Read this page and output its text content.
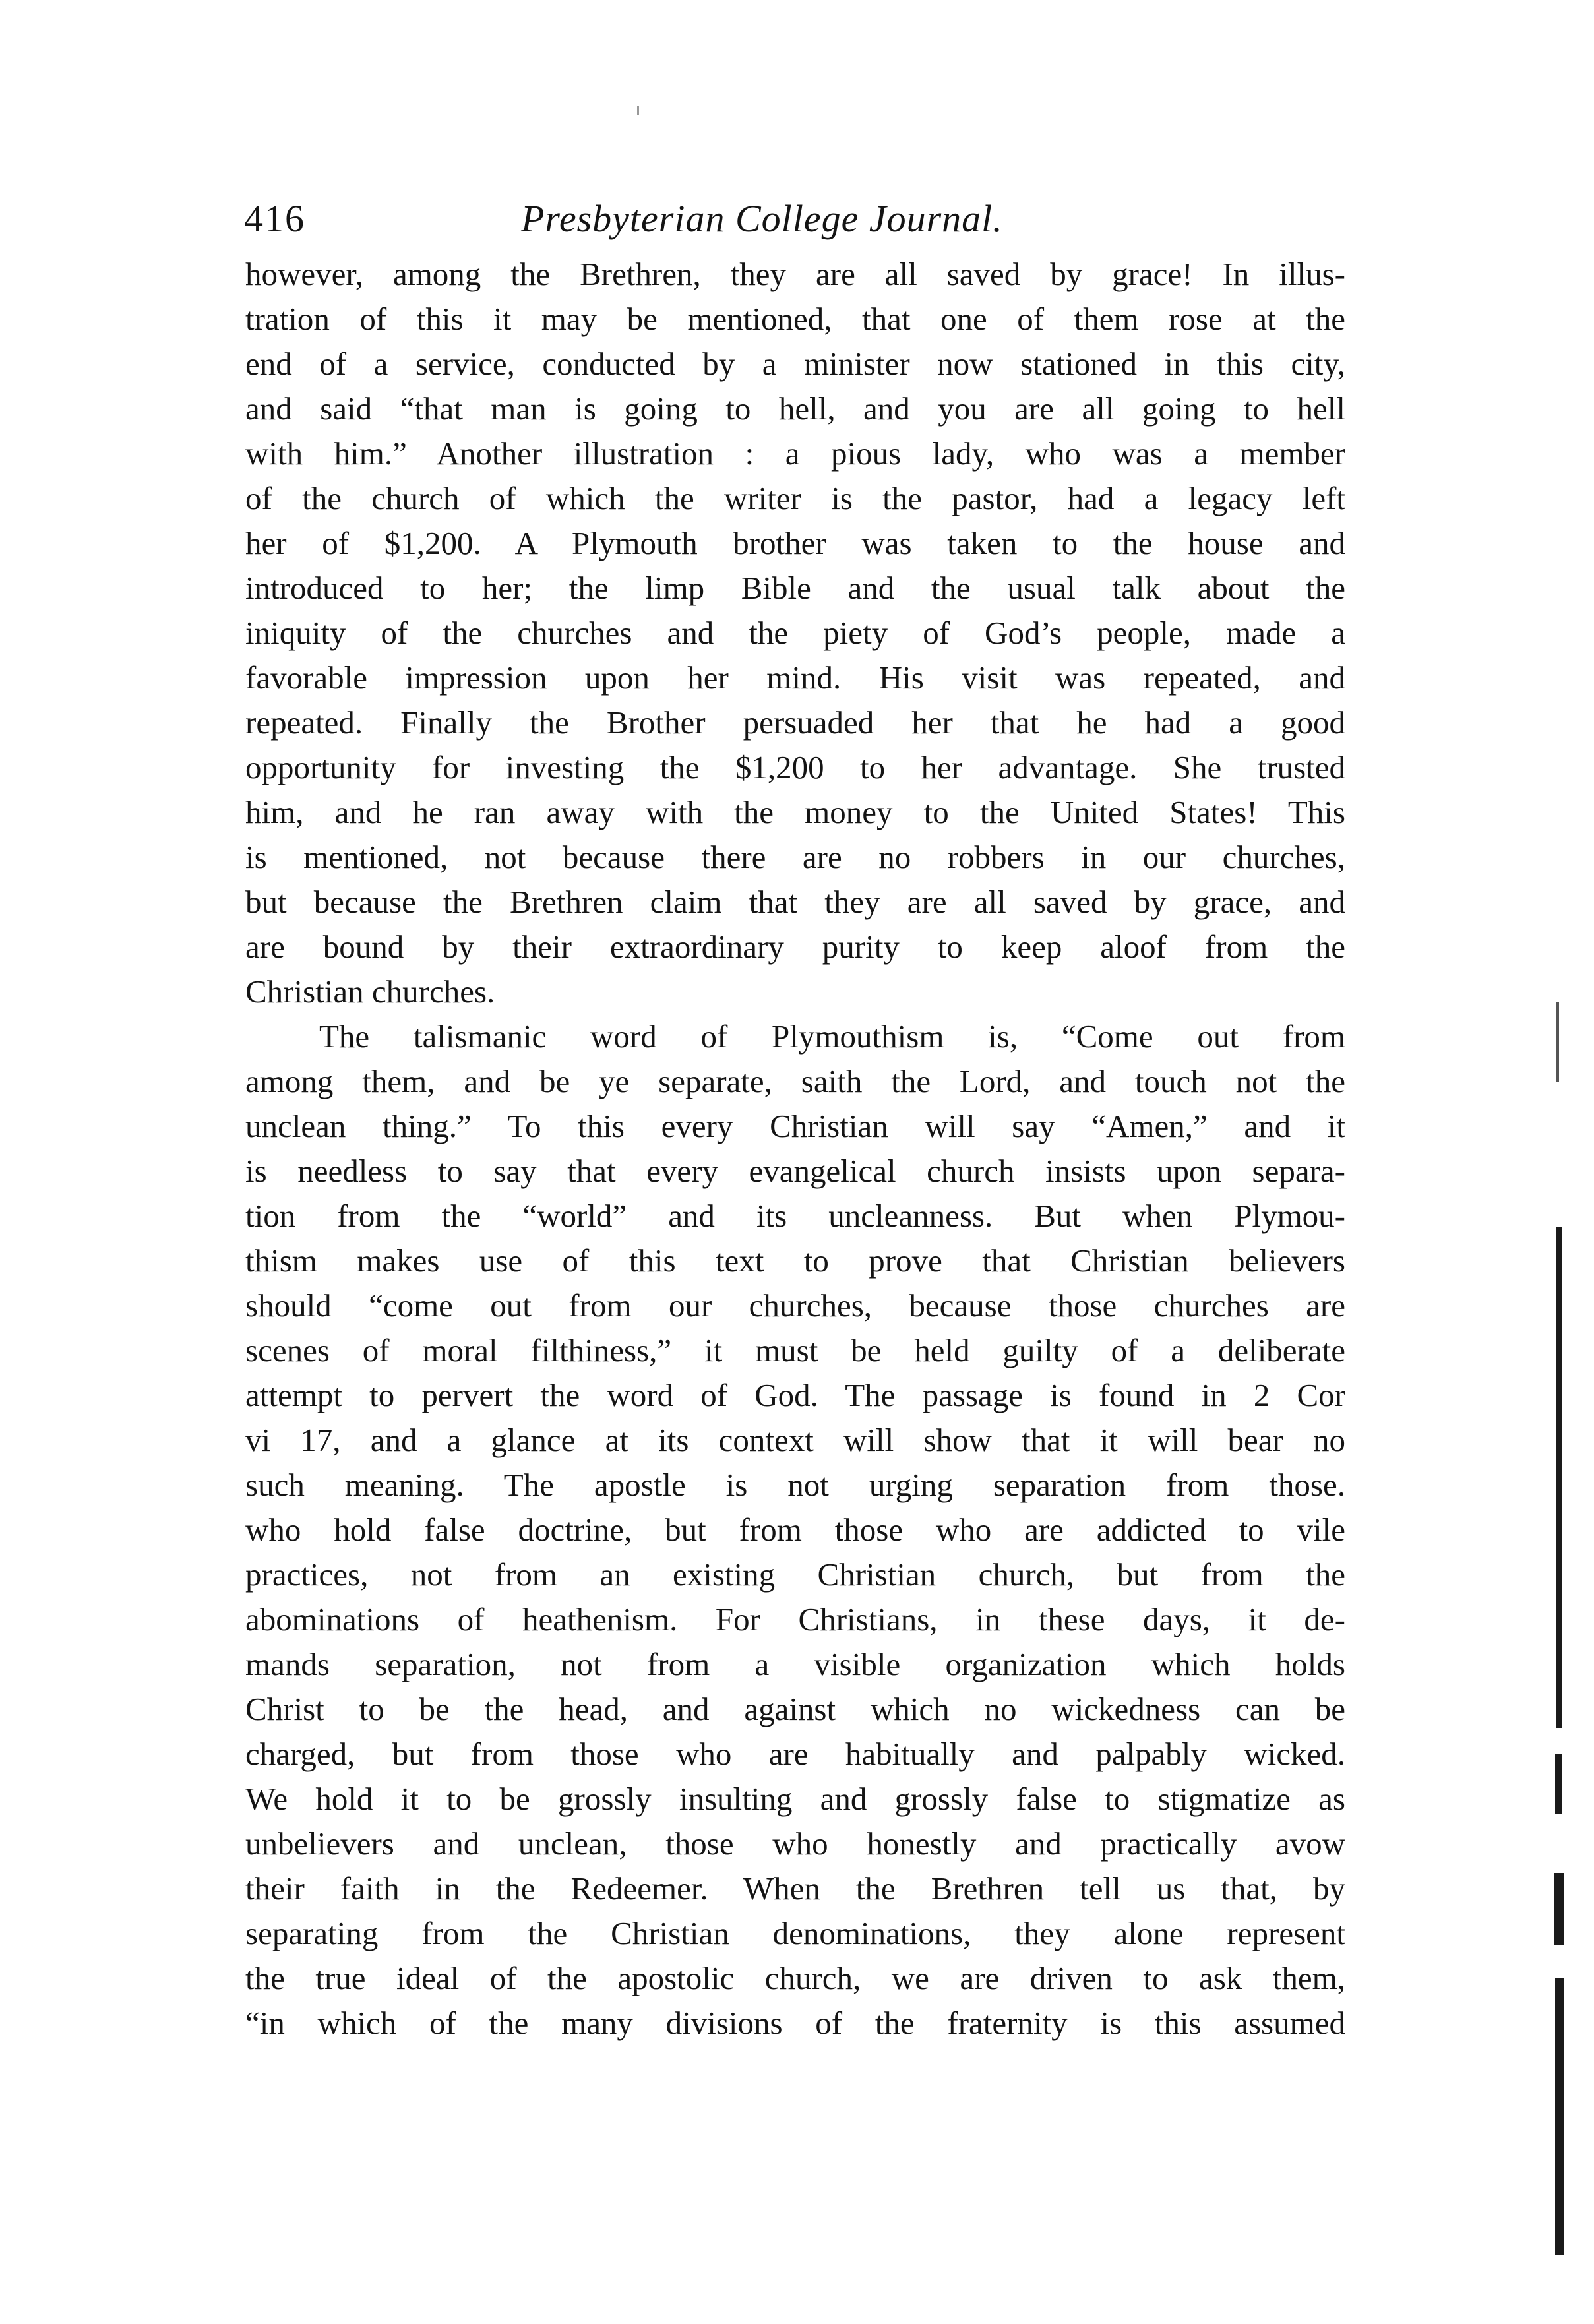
416	Presbyterian College Journal.
however, among the Brethren, they are all saved by grace! In illus-
tration of this it may be mentioned, that one of them rose at the
end of a service, conducted by a minister now stationed in this city,
and said “that man is going to hell, and you are all going to hell
with him.” Another illustration : a pious lady, who was a member
of the church of which the writer is the pastor, had a legacy left
her of $1,200. A Plymouth brother was taken to the house and
introduced to her; the limp Bible and the usual talk about the
iniquity of the churches and the piety of God’s people, made a
favorable impression upon her mind. His visit was repeated, and
repeated. Finally the Brother persuaded her that he had a good
opportunity for investing the $1,200 to her advantage. She trusted
him, and he ran away with the money to the United States! This
is mentioned, not because there are no robbers in our churches,
but because the Brethren claim that they are all saved by grace, and
are bound by their extraordinary purity to keep aloof from the
Christian churches.
The talismanic word of Plymouthism is, “Come out from
among them, and be ye separate, saith the Lord, and touch not the
unclean thing.” To this every Christian will say “Amen,” and it
is needless to say that every evangelical church insists upon separa-
tion from the “world” and its uncleanness. But when Plymou-
thism makes use of this text to prove that Christian believers
should “come out from our churches, because those churches are
scenes of moral filthiness,” it must be held guilty of a deliberate
attempt to pervert the word of God. The passage is found in 2 Cor
vi 17, and a glance at its context will show that it will bear no
such meaning. The apostle is not urging separation from those.
who hold false doctrine, but from those who are addicted to vile
practices, not from an existing Christian church, but from the
abominations of heathenism. For Christians, in these days, it de-
mands separation, not from a visible organization which holds
Christ to be the head, and against which no wickedness can be
charged, but from those who are habitually and palpably wicked.
We hold it to be grossly insulting and grossly false to stigmatize as
unbelievers and unclean, those who honestly and practically avow
their faith in the Redeemer. When the Brethren tell us that, by
separating from the Christian denominations, they alone represent
the true ideal of the apostolic church, we are driven to ask them,
“in which of the many divisions of the fraternity is this assumed
